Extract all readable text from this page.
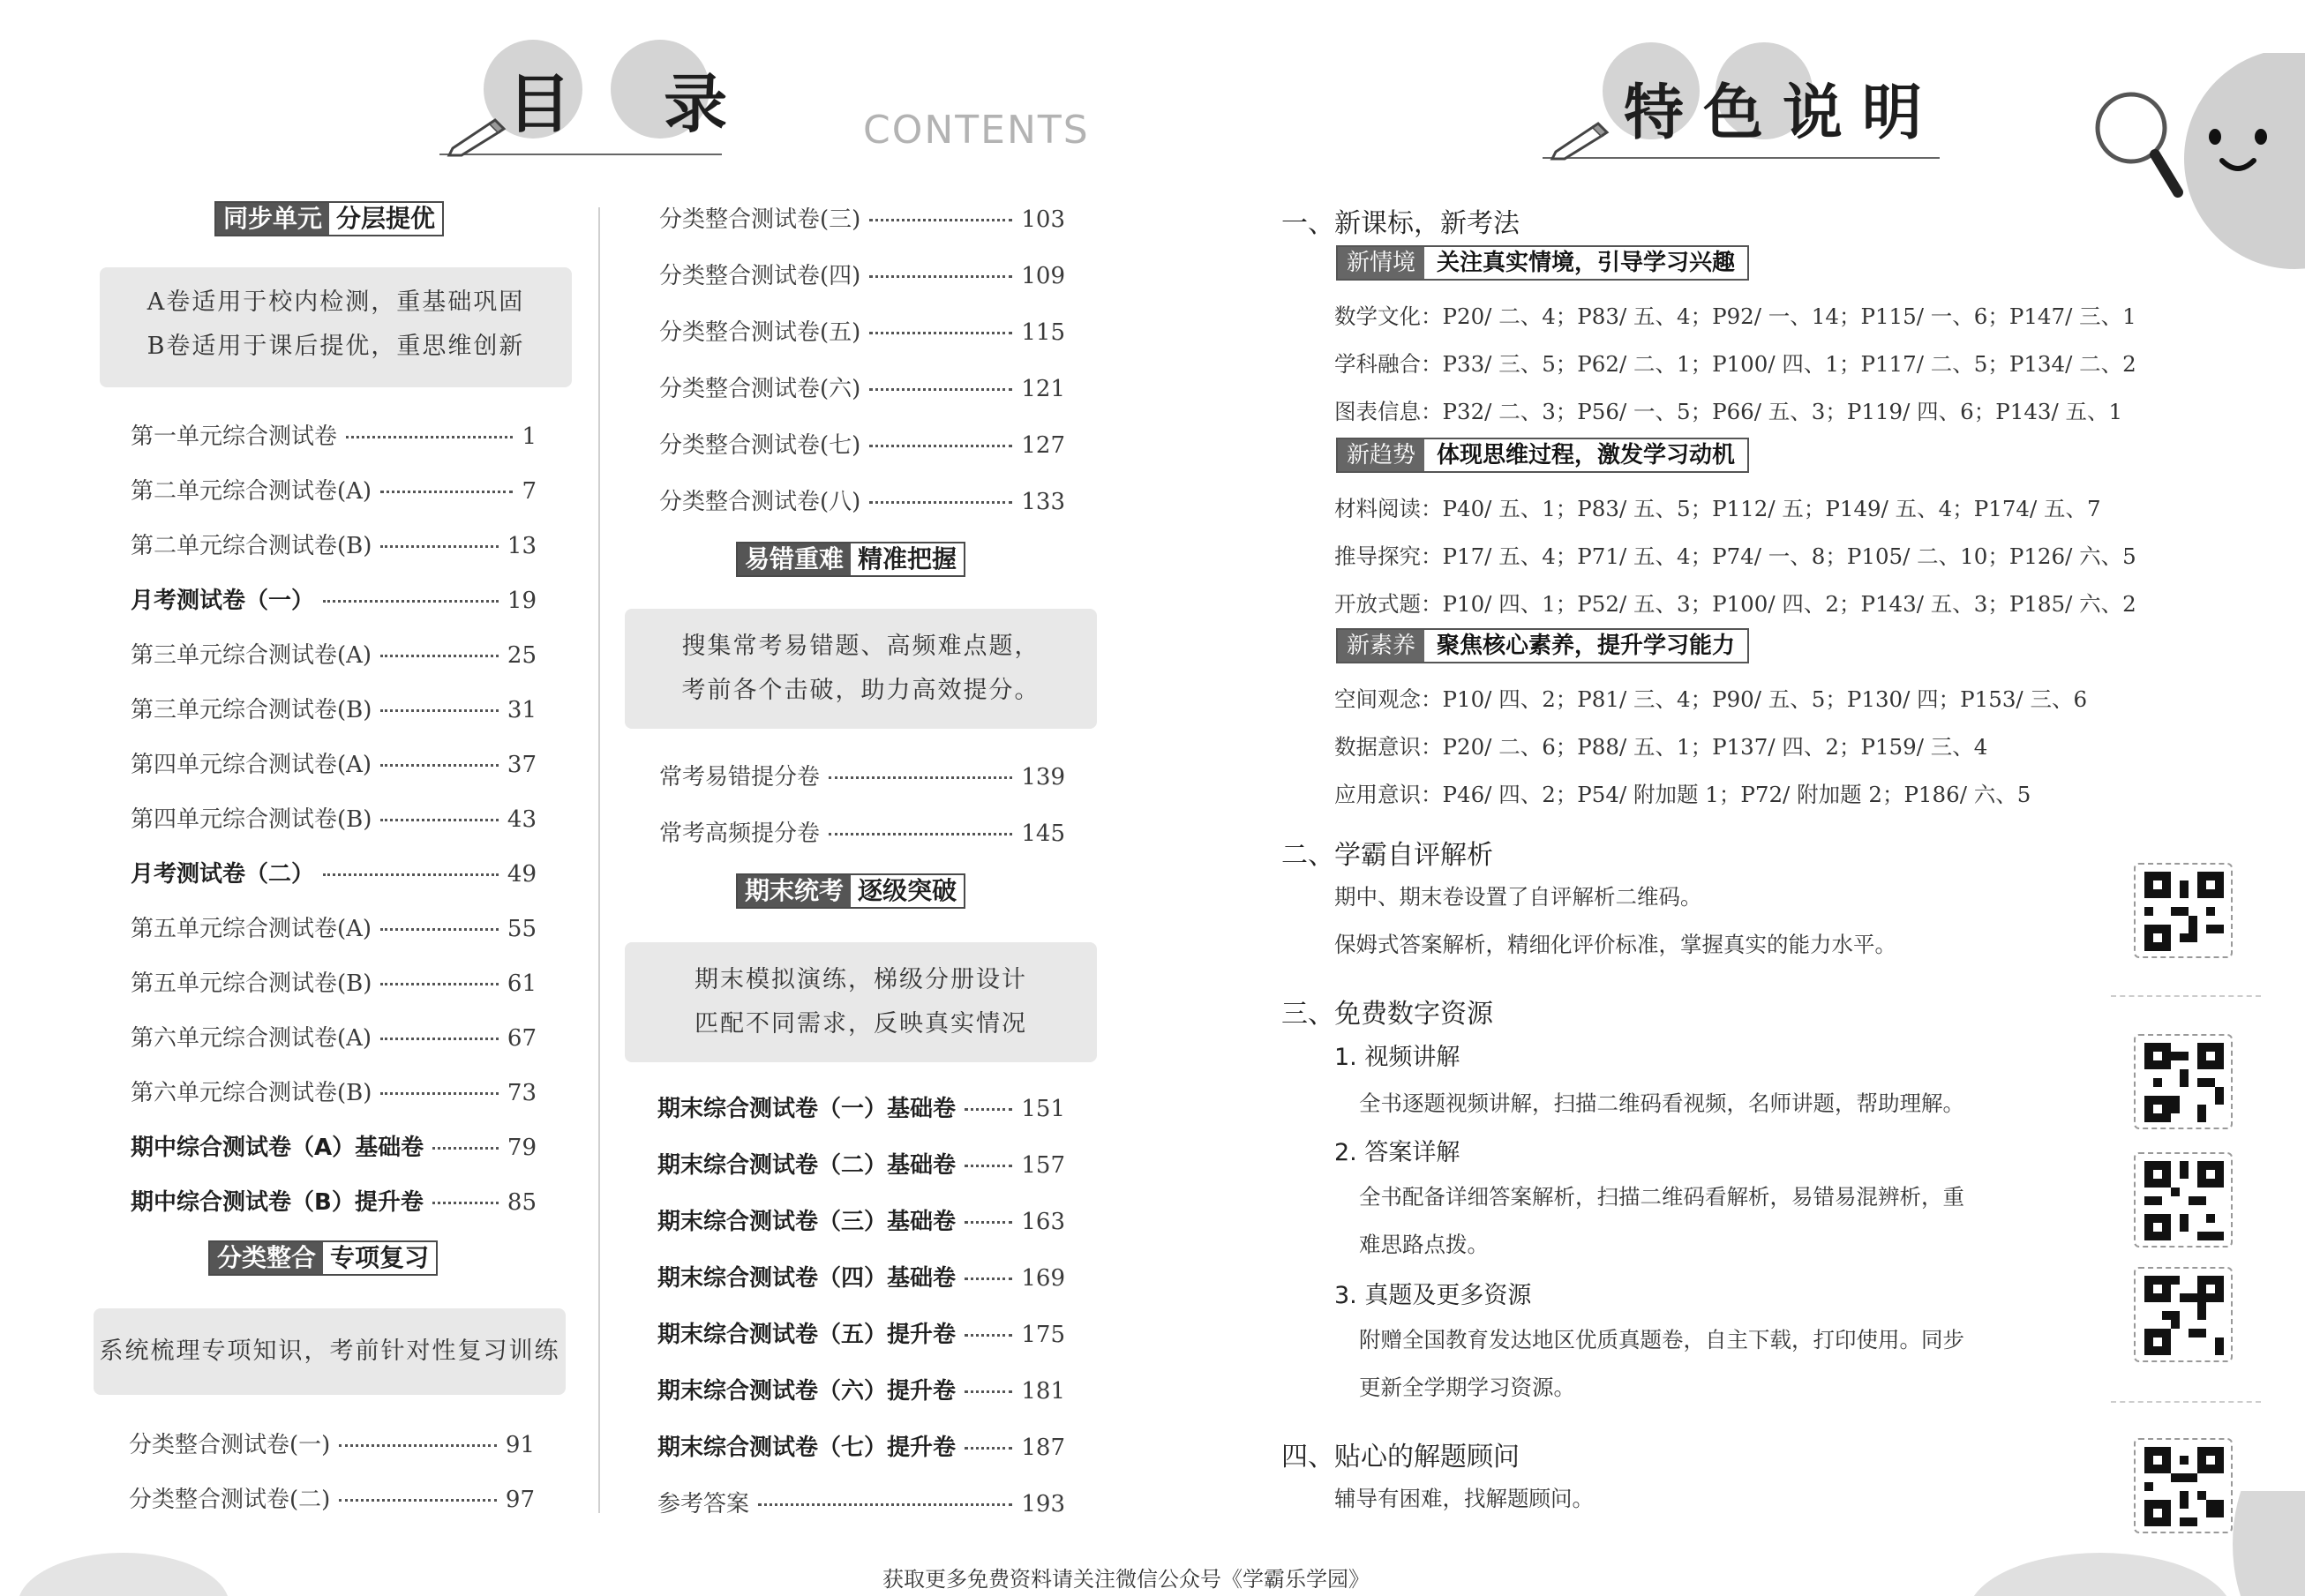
目 录	CONTENTS	特色说明
同步单元 分层提优
A卷适用于校内检测，重基础巩固
B卷适用于课后提优，重思维创新
第一单元综合测试卷	1
第二单元综合测试卷(A)	7
第二单元综合测试卷(B)	13
月考测试卷（一）	19
第三单元综合测试卷(A)	25
第三单元综合测试卷(B)	31
第四单元综合测试卷(A)	37
第四单元综合测试卷(B)	43
月考测试卷（二）	49
第五单元综合测试卷(A)	55
第五单元综合测试卷(B)	61
第六单元综合测试卷(A)	67
第六单元综合测试卷(B)	73
期中综合测试卷（A）基础卷	79
期中综合测试卷（B）提升卷	85
分类整合 专项复习
系统梳理专项知识，考前针对性复习训练
分类整合测试卷(一)	91
分类整合测试卷(二)	97
分类整合测试卷(三)	103
分类整合测试卷(四)	109
分类整合测试卷(五)	115
分类整合测试卷(六)	121
分类整合测试卷(七)	127
分类整合测试卷(八)	133
易错重难 精准把握
搜集常考易错题、高频难点题，
考前各个击破，助力高效提分。
常考易错提分卷	139
常考高频提分卷	145
期末统考 逐级突破
期末模拟演练，梯级分册设计
匹配不同需求，反映真实情况
期末综合测试卷（一）基础卷	151
期末综合测试卷（二）基础卷	157
期末综合测试卷（三）基础卷	163
期末综合测试卷（四）基础卷	169
期末综合测试卷（五）提升卷	175
期末综合测试卷（六）提升卷	181
期末综合测试卷（七）提升卷	187
参考答案	193
一、新课标，新考法
新情境 关注真实情境，引导学习兴趣
数学文化：P20/ 二、4；P83/ 五、4；P92/ 一、14；P115/ 一、6；P147/ 三、1
学科融合：P33/ 三、5；P62/ 二、1；P100/ 四、1；P117/ 二、5；P134/ 二、2
图表信息：P32/ 二、3；P56/ 一、5；P66/ 五、3；P119/ 四、6；P143/ 五、1
新趋势 体现思维过程，激发学习动机
材料阅读：P40/ 五、1；P83/ 五、5；P112/ 五；P149/ 五、4；P174/ 五、7
推导探究：P17/ 五、4；P71/ 五、4；P74/ 一、8；P105/ 二、10；P126/ 六、5
开放式题：P10/ 四、1；P52/ 五、3；P100/ 四、2；P143/ 五、3；P185/ 六、2
新素养 聚焦核心素养，提升学习能力
空间观念：P10/ 四、2；P81/ 三、4；P90/ 五、5；P130/ 四；P153/ 三、6
数据意识：P20/ 二、6；P88/ 五、1；P137/ 四、2；P159/ 三、4
应用意识：P46/ 四、2；P54/ 附加题 1；P72/ 附加题 2；P186/ 六、5
二、学霸自评解析
期中、期末卷设置了自评解析二维码。
保姆式答案解析，精细化评价标准，掌握真实的能力水平。
三、免费数字资源
1. 视频讲解
全书逐题视频讲解，扫描二维码看视频，名师讲题，帮助理解。
2. 答案详解
全书配备详细答案解析，扫描二维码看解析，易错易混辨析，重
难思路点拨。
3. 真题及更多资源
附赠全国教育发达地区优质真题卷，自主下载，打印使用。同步
更新全学期学习资源。
四、贴心的解题顾问
辅导有困难，找解题顾问。
获取更多免费资料请关注微信公众号《学霸乐学园》
